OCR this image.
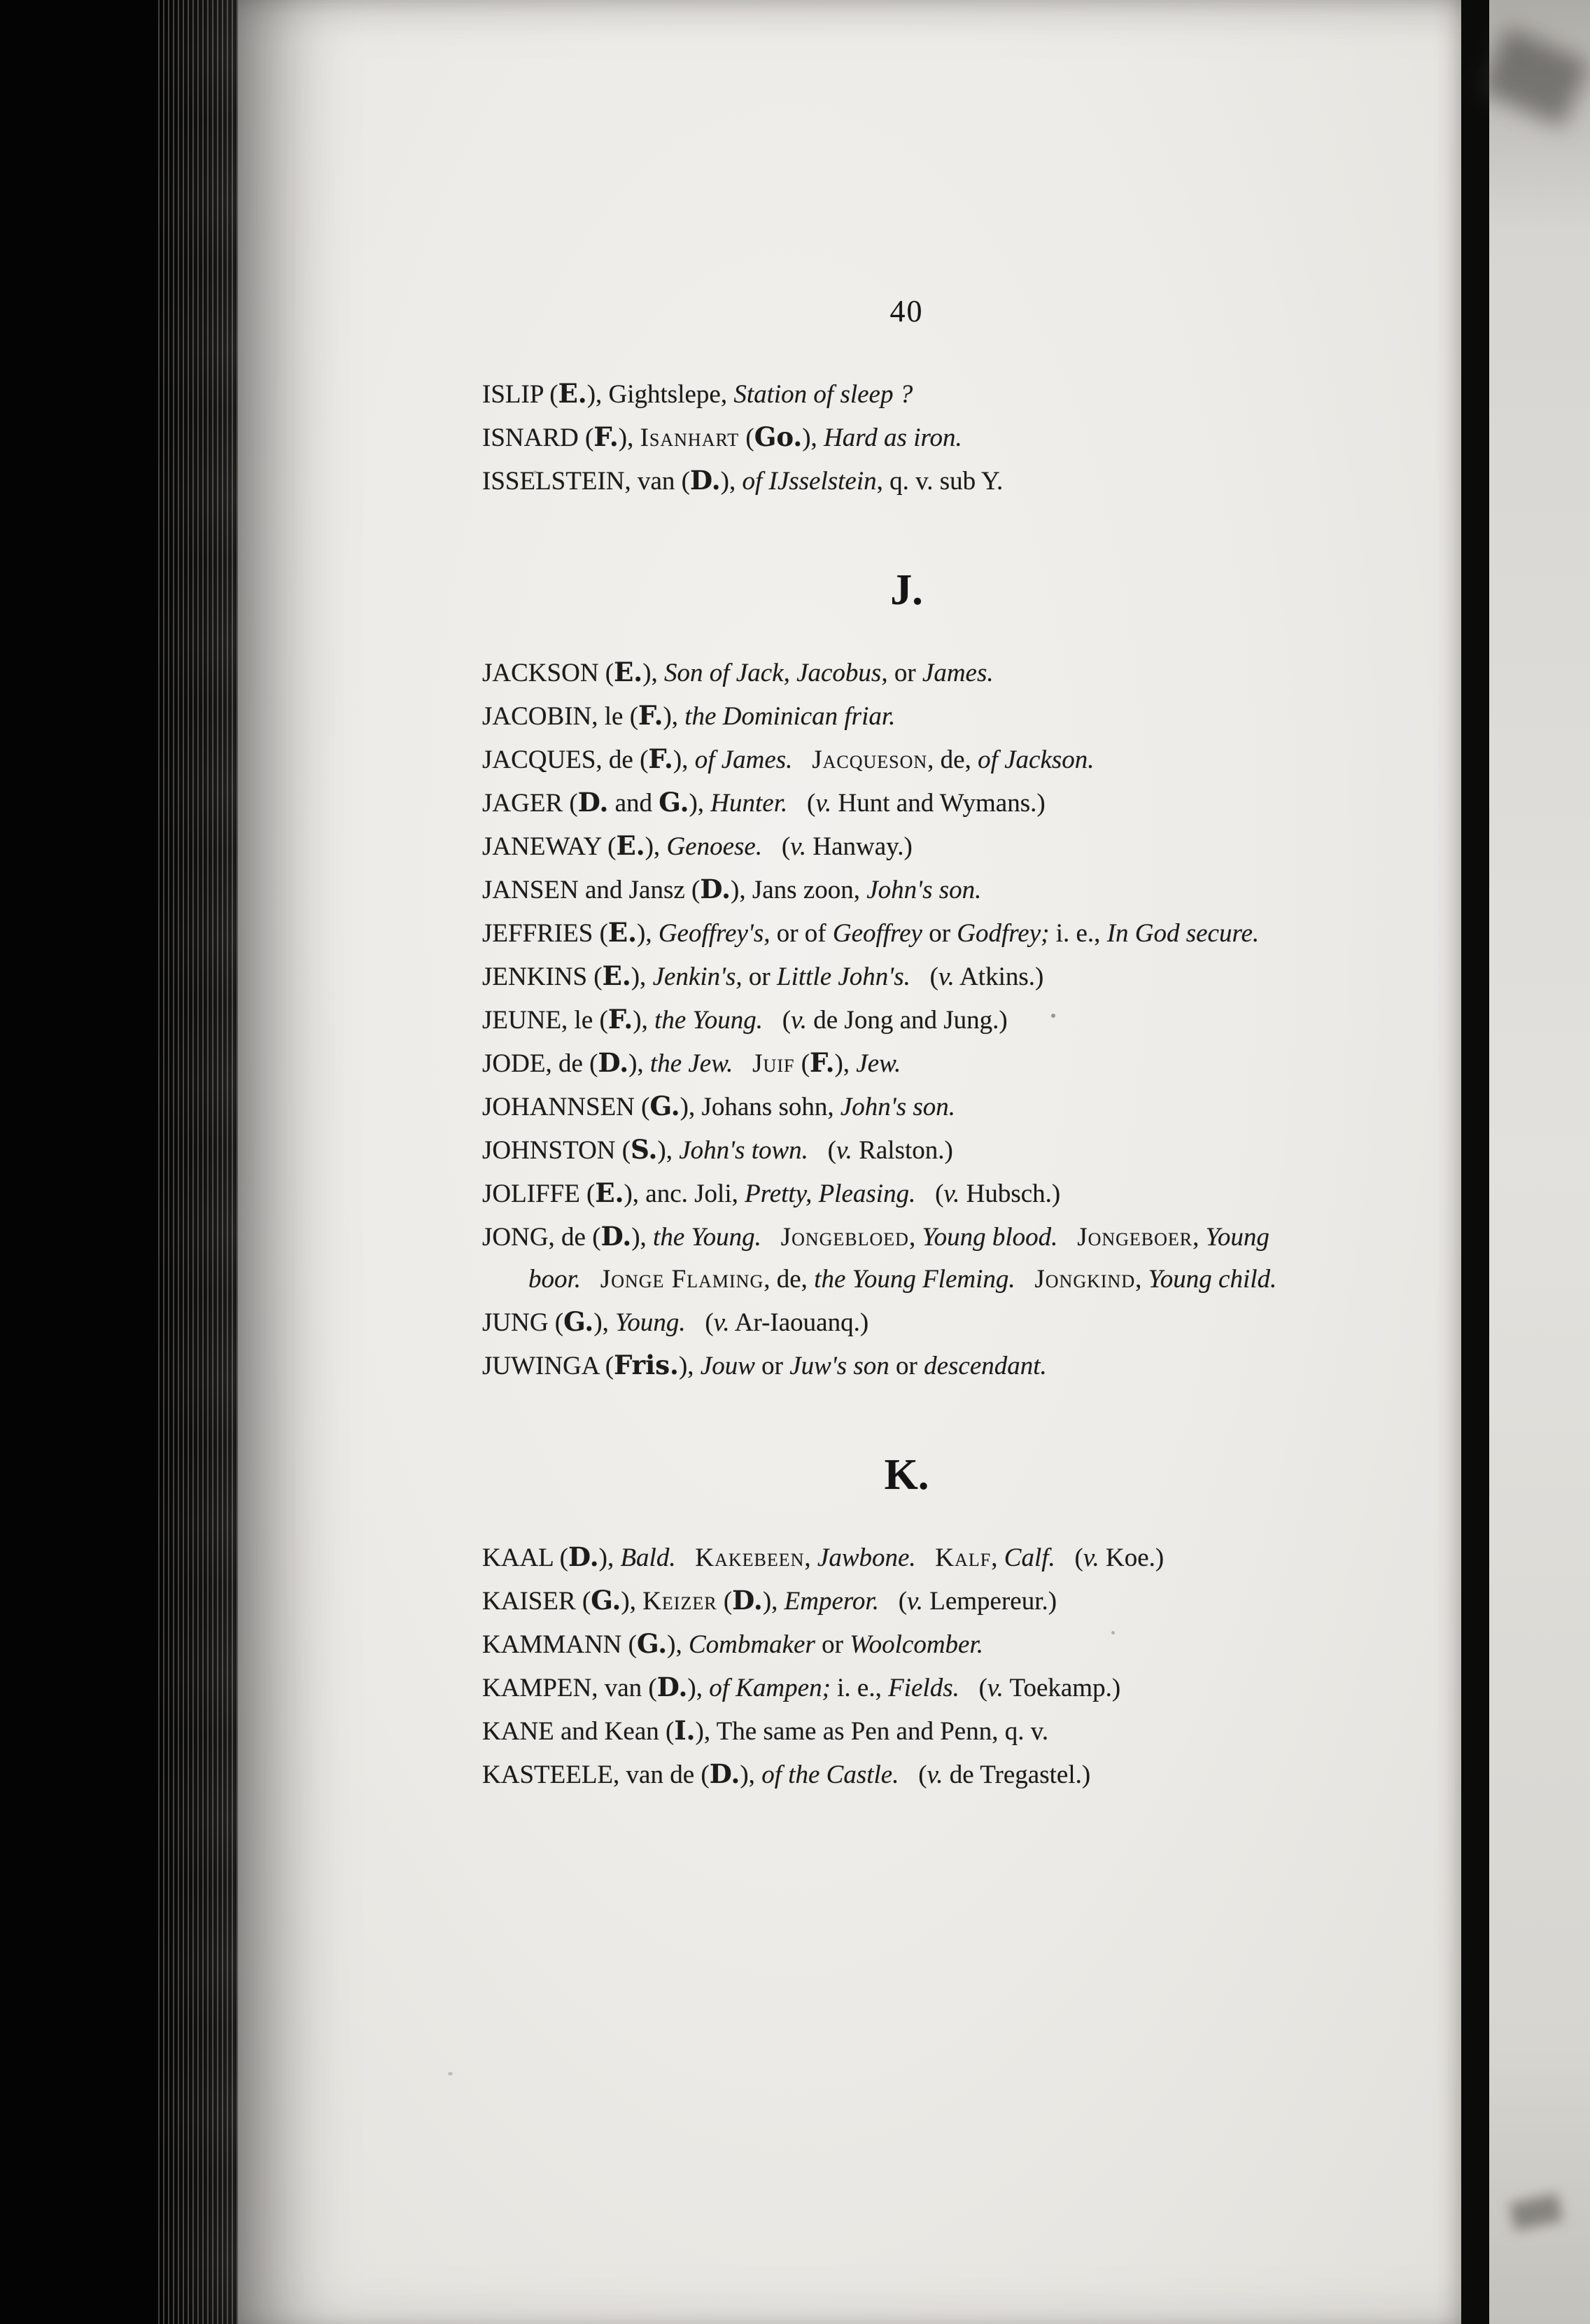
40

ISLIP (E.), Gightslepe, Station of sleep ?

ISNARD (F.), Isanhart (Go.), Hard as iron.

ISSELSTEIN, van (D.), of IJsselstein, q. v. sub Y.

J.

JACKSON (E.), Son of Jack, Jacobus, or James.

JACOBIN, le (F.), the Dominican friar.

JACQUES, de (F.), of James.  Jacqueson, de, of Jackson.

JAGER (D. and G.), Hunter.  (v. Hunt and Wymans.)

JANEWAY (E.), Genoese.  (v. Hanway.)

JANSEN and Jansz (D.), Jans zoon, John's son.

JEFFRIES (E.), Geoffrey's, or of Geoffrey or Godfrey; i. e., In God secure.

JENKINS (E.), Jenkin's, or Little John's.  (v. Atkins.)

JEUNE, le (F.), the Young.  (v. de Jong and Jung.)

JODE, de (D.), the Jew.  Juif (F.), Jew.

JOHANNSEN (G.), Johans sohn, John's son.

JOHNSTON (S.), John's town.  (v. Ralston.)

JOLIFFE (E.), anc. Joli, Pretty, Pleasing.  (v. Hubsch.)

JONG, de (D.), the Young.  Jongebloed, Young blood.  Jongeboer, Young boor.  Jonge Flaming, de, the Young Fleming.  Jongkind, Young child.

JUNG (G.), Young.  (v. Ar-Iaouanq.)

JUWINGA (Fris.), Jouw or Juw's son or descendant.

K.

KAAL (D.), Bald.  Kakebeen, Jawbone.  Kalf, Calf.  (v. Koe.)

KAISER (G.), Keizer (D.), Emperor.  (v. Lempereur.)

KAMMANN (G.), Combmaker or Woolcomber.

KAMPEN, van (D.), of Kampen; i. e., Fields.  (v. Toekamp.)

KANE and Kean (I.), The same as Pen and Penn, q. v.

KASTEELE, van de (D.), of the Castle.  (v. de Tregastel.)
